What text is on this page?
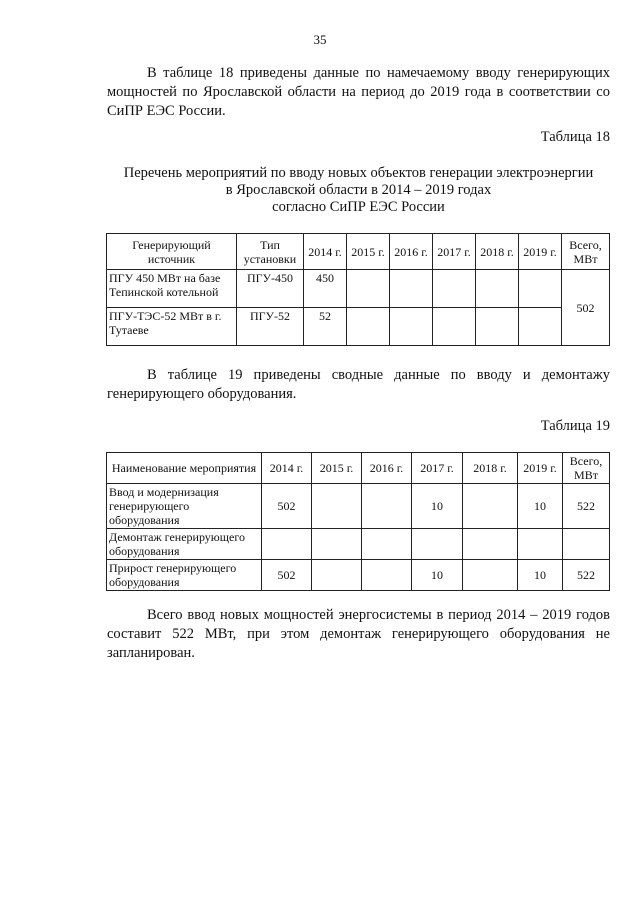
35

В таблице 18 приведены данные по намечаемому вводу генерирующих мощностей по Ярославской области на период до 2019 года в соответствии со СиПР ЕЭС России.

Таблица 18
Перечень мероприятий по вводу новых объектов генерации электроэнергии
в Ярославской области в 2014 – 2019 годах
согласно СиПР ЕЭС России
Генерирующий источник	Тип установки	2014 г.	2015 г.	2016 г.	2017 г.	2018 г.	2019 г.	Всего, МВт
ПГУ 450 МВт на базе Тепинской котельной	ПГУ-450	450						502
ПГУ-ТЭС-52 МВт в г. Тутаеве	ПГУ-52	52						

В таблице 19 приведены сводные данные по вводу и демонтажу генерирующего оборудования.

Таблица 19
Наименование мероприятия	2014 г.	2015 г.	2016 г.	2017 г.	2018 г.	2019 г.	Всего, МВт
Ввод и модернизация генерирующего оборудования	502			10		10	522
Демонтаж генерирующего оборудования							
Прирост генерирующего оборудования	502			10		10	522

Всего ввод новых мощностей энергосистемы в период 2014 – 2019 годов составит 522 МВт, при этом демонтаж генерирующего оборудования не запланирован.
